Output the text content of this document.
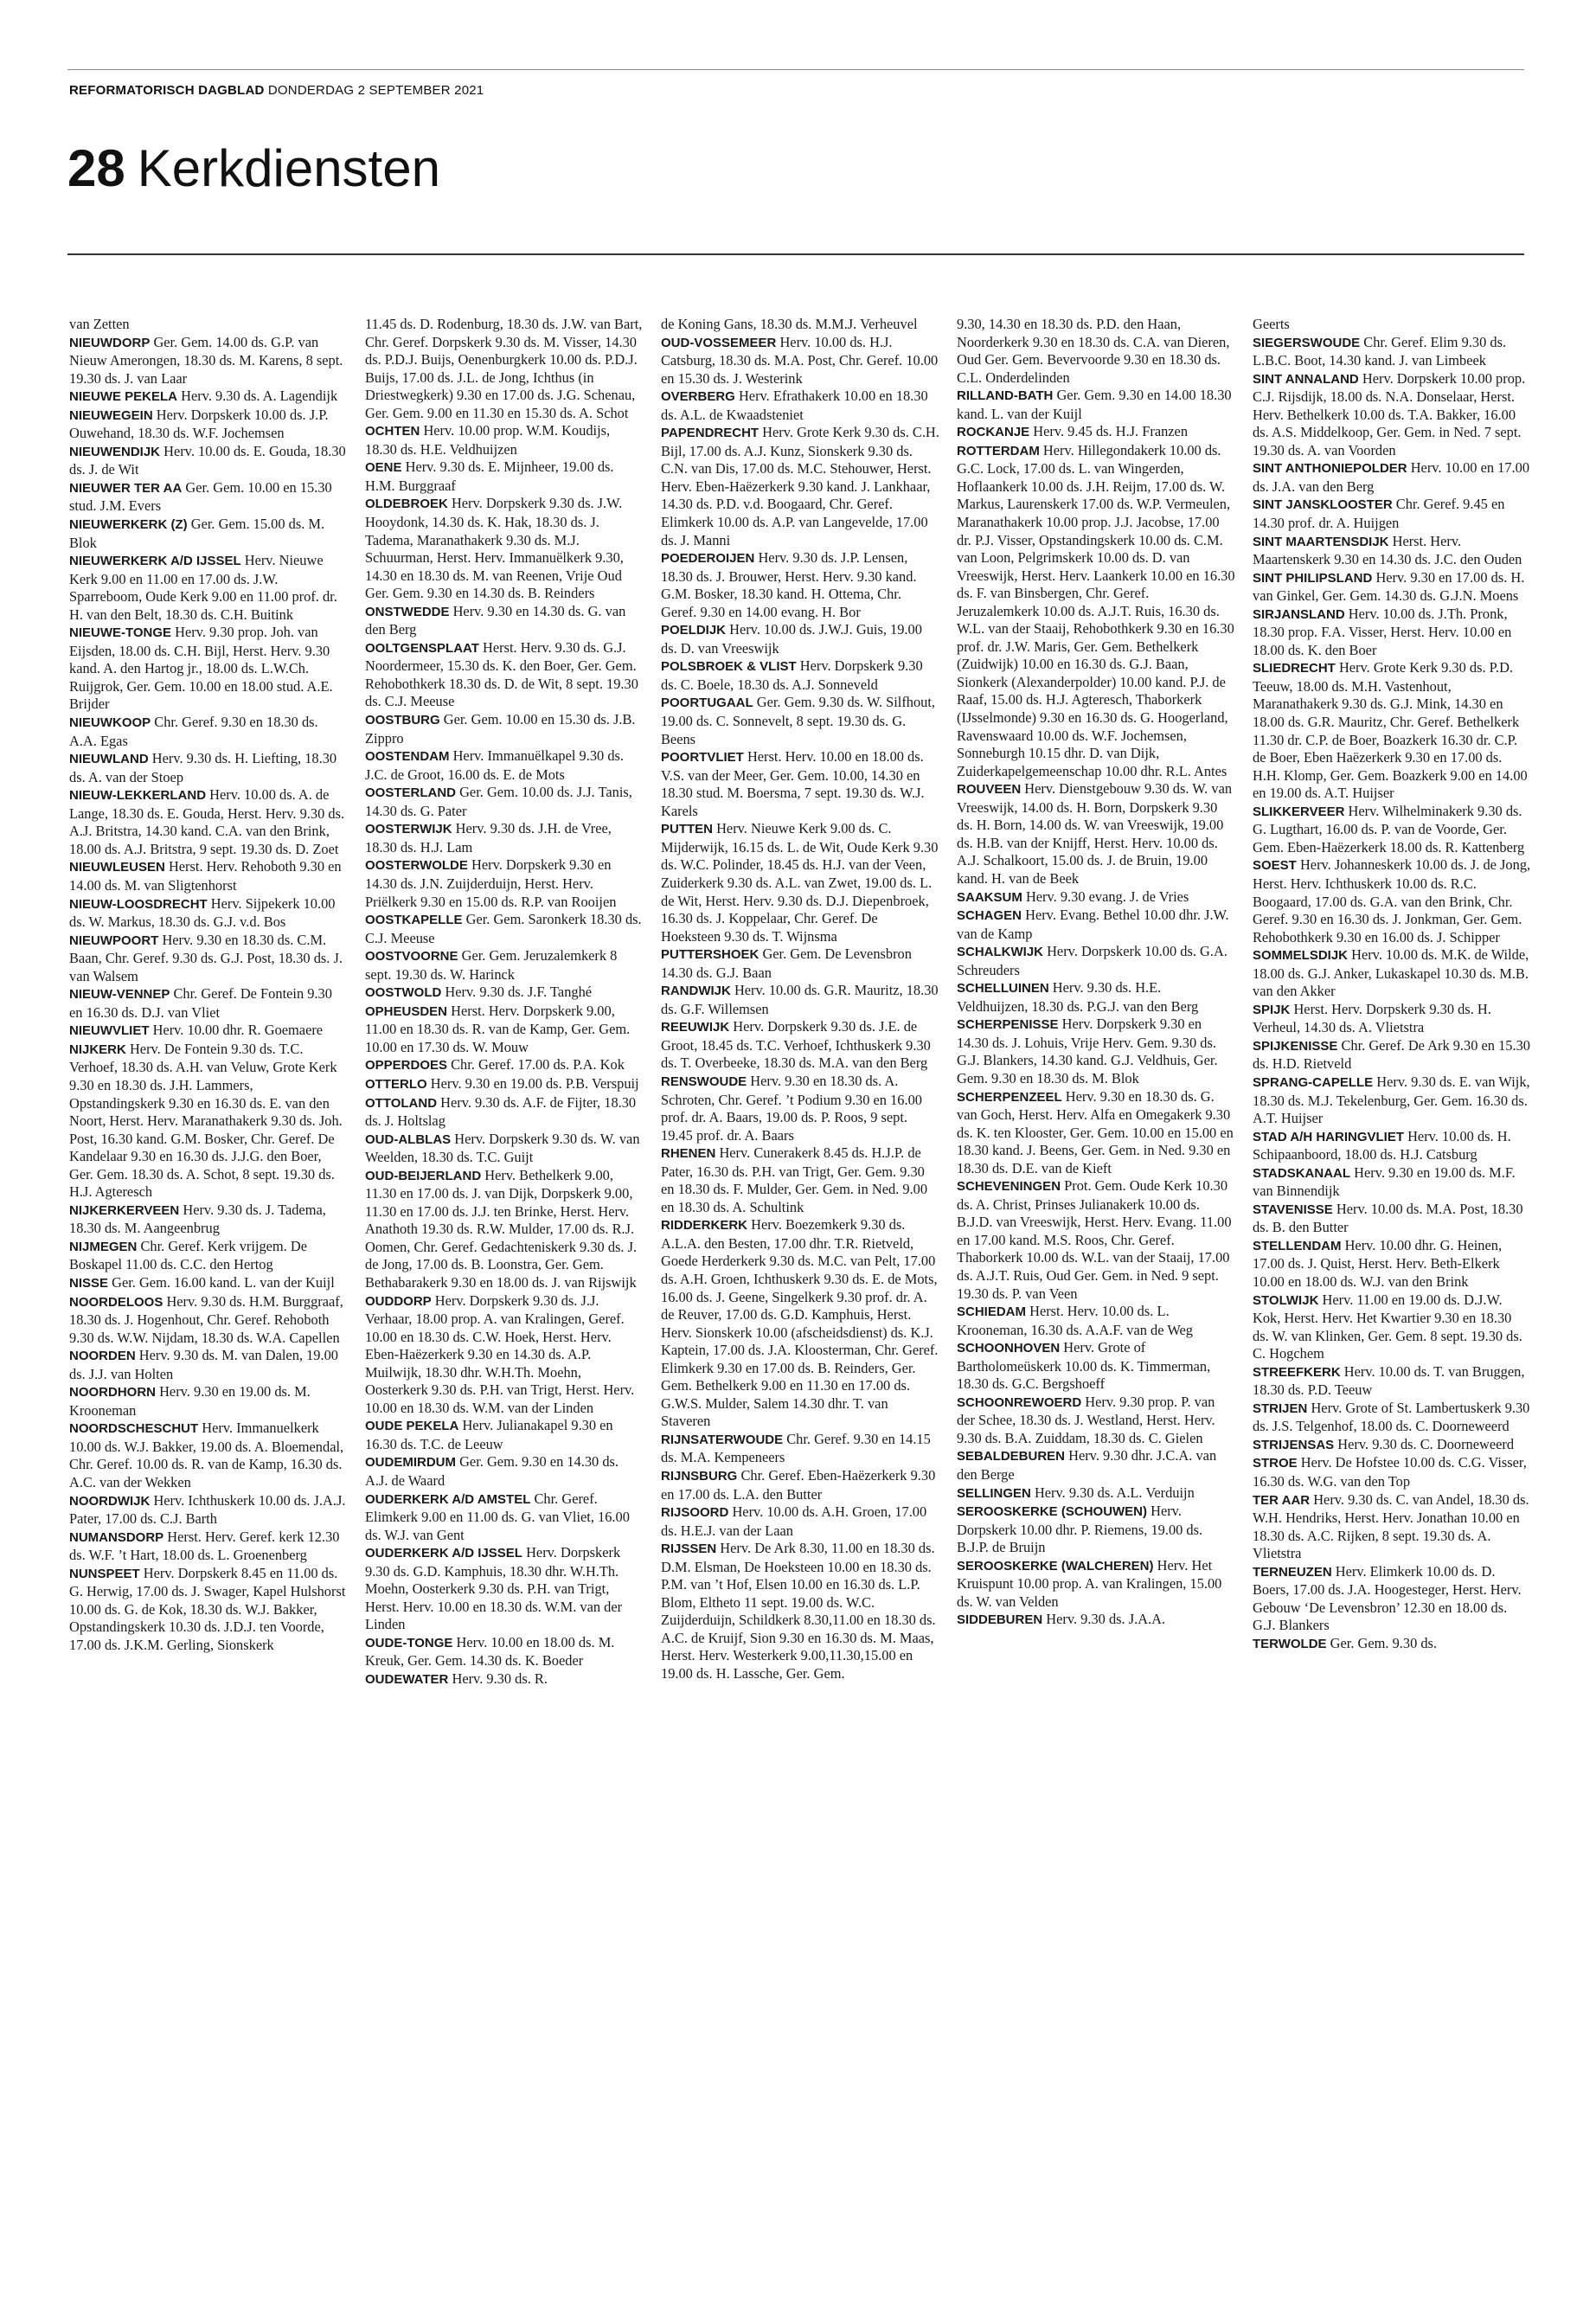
REFORMATORISCH DAGBLAD DONDERDAG 2 SEPTEMBER 2021
28 Kerkdiensten

van Zetten

NIEUWDORP Ger. Gem. 14.00 ds. G.P. van Nieuw Amerongen, 18.30 ds. M. Karens, 8 sept. 19.30 ds. J. van Laar

NIEUWE PEKELA Herv. 9.30 ds. A. Lagendijk

NIEUWEGEIN Herv. Dorpskerk 10.00 ds. J.P. Ouwehand, 18.30 ds. W.F. Jochemsen

NIEUWENDIJK Herv. 10.00 ds. E. Gouda, 18.30 ds. J. de Wit

NIEUWER TER AA Ger. Gem. 10.00 en 15.30 stud. J.M. Evers

NIEUWERKERK (Z) Ger. Gem. 15.00 ds. M. Blok

NIEUWERKERK A/D IJSSEL Herv. Nieuwe Kerk 9.00 en 11.00 en 17.00 ds. J.W. Sparreboom, Oude Kerk 9.00 en 11.00 prof. dr. H. van den Belt, 18.30 ds. C.H. Buitink

NIEUWE-TONGE Herv. 9.30 prop. Joh. van Eijsden, 18.00 ds. C.H. Bijl, Herst. Herv. 9.30 kand. A. den Hartog jr., 18.00 ds. L.W.Ch. Ruijgrok, Ger. Gem. 10.00 en 18.00 stud. A.E. Brijder

NIEUWKOOP Chr. Geref. 9.30 en 18.30 ds. A.A. Egas

NIEUWLAND Herv. 9.30 ds. H. Liefting, 18.30 ds. A. van der Stoep

NIEUW-LEKKERLAND Herv. 10.00 ds. A. de Lange, 18.30 ds. E. Gouda, Herst. Herv. 9.30 ds. A.J. Britstra, 14.30 kand. C.A. van den Brink, 18.00 ds. A.J. Britstra, 9 sept. 19.30 ds. D. Zoet

NIEUWLEUSEN Herst. Herv. Rehoboth 9.30 en 14.00 ds. M. van Sligtenhorst

NIEUW-LOOSDRECHT Herv. Sijpekerk 10.00 ds. W. Markus, 18.30 ds. G.J. v.d. Bos

NIEUWPOORT Herv. 9.30 en 18.30 ds. C.M. Baan, Chr. Geref. 9.30 ds. G.J. Post, 18.30 ds. J. van Walsem

NIEUW-VENNEP Chr. Geref. De Fontein 9.30 en 16.30 ds. D.J. van Vliet

NIEUWVLIET Herv. 10.00 dhr. R. Goemaere

NIJKERK Herv. De Fontein 9.30 ds. T.C. Verhoef, 18.30 ds. A.H. van Veluw, Grote Kerk 9.30 en 18.30 ds. J.H. Lammers, Opstandingskerk 9.30 en 16.30 ds. E. van den Noort, Herst. Herv. Maranathakerk 9.30 ds. Joh. Post, 16.30 kand. G.M. Bosker, Chr. Geref. De Kandelaar 9.30 en 16.30 ds. J.J.G. den Boer, Ger. Gem. 18.30 ds. A. Schot, 8 sept. 19.30 ds. H.J. Agteresch

NIJKERKERVEEN Herv. 9.30 ds. J. Tadema, 18.30 ds. M. Aangeenbrug

NIJMEGEN Chr. Geref. Kerk vrijgem. De Boskapel 11.00 ds. C.C. den Hertog

NISSE Ger. Gem. 16.00 kand. L. van der Kuijl

NOORDELOOS Herv. 9.30 ds. H.M. Burggraaf, 18.30 ds. J. Hogenhout, Chr. Geref. Rehoboth 9.30 ds. W.W. Nijdam, 18.30 ds. W.A. Capellen

NOORDEN Herv. 9.30 ds. M. van Dalen, 19.00 ds. J.J. van Holten

NOORDHORN Herv. 9.30 en 19.00 ds. M. Krooneman

NOORDSCHESCHUT Herv. Immanuelkerk 10.00 ds. W.J. Bakker, 19.00 ds. A. Bloemendal, Chr. Geref. 10.00 ds. R. van de Kamp, 16.30 ds. A.C. van der Wekken

NOORDWIJK Herv. Ichthuskerk 10.00 ds. J.A.J. Pater, 17.00 ds. C.J. Barth

NUMANSDORP Herst. Herv. Geref. kerk 12.30 ds. W.F. ’t Hart, 18.00 ds. L. Groenenberg

NUNSPEET Herv. Dorpskerk 8.45 en 11.00 ds. G. Herwig, 17.00 ds. J. Swager, Kapel Hulshorst 10.00 ds. G. de Kok, 18.30 ds. W.J. Bakker, Opstandingskerk 10.30 ds. J.D.J. ten Voorde, 17.00 ds. J.K.M. Gerling, Sionskerk

11.45 ds. D. Rodenburg, 18.30 ds. J.W. van Bart, Chr. Geref. Dorpskerk 9.30 ds. M. Visser, 14.30 ds. P.D.J. Buijs, Oenenburgkerk 10.00 ds. P.D.J. Buijs, 17.00 ds. J.L. de Jong, Ichthus (in Driestwegkerk) 9.30 en 17.00 ds. J.G. Schenau, Ger. Gem. 9.00 en 11.30 en 15.30 ds. A. Schot

OCHTEN Herv. 10.00 prop. W.M. Koudijs, 18.30 ds. H.E. Veldhuijzen

OENE Herv. 9.30 ds. E. Mijnheer, 19.00 ds. H.M. Burggraaf

OLDEBROEK Herv. Dorpskerk 9.30 ds. J.W. Hooydonk, 14.30 ds. K. Hak, 18.30 ds. J. Tadema, Maranathakerk 9.30 ds. M.J. Schuurman, Herst. Herv. Immanuëlkerk 9.30, 14.30 en 18.30 ds. M. van Reenen, Vrije Oud Ger. Gem. 9.30 en 14.30 ds. B. Reinders

ONSTWEDDE Herv. 9.30 en 14.30 ds. G. van den Berg

OOLTGENSPLAAT Herst. Herv. 9.30 ds. G.J. Noordermeer, 15.30 ds. K. den Boer, Ger. Gem. Rehobothkerk 18.30 ds. D. de Wit, 8 sept. 19.30 ds. C.J. Meeuse

OOSTBURG Ger. Gem. 10.00 en 15.30 ds. J.B. Zippro

OOSTENDAM Herv. Immanuëlkapel 9.30 ds. J.C. de Groot, 16.00 ds. E. de Mots

OOSTERLAND Ger. Gem. 10.00 ds. J.J. Tanis, 14.30 ds. G. Pater

OOSTERWIJK Herv. 9.30 ds. J.H. de Vree, 18.30 ds. H.J. Lam

OOSTERWOLDE Herv. Dorpskerk 9.30 en 14.30 ds. J.N. Zuijderduijn, Herst. Herv. Priëlkerk 9.30 en 15.00 ds. R.P. van Rooijen

OOSTKAPELLE Ger. Gem. Saronkerk 18.30 ds. C.J. Meeuse

OOSTVOORNE Ger. Gem. Jeruzalemkerk 8 sept. 19.30 ds. W. Harinck

OOSTWOLD Herv. 9.30 ds. J.F. Tanghé

OPHEUSDEN Herst. Herv. Dorpskerk 9.00, 11.00 en 18.30 ds. R. van de Kamp, Ger. Gem. 10.00 en 17.30 ds. W. Mouw

OPPERDOES Chr. Geref. 17.00 ds. P.A. Kok

OTTERLO Herv. 9.30 en 19.00 ds. P.B. Verspuij

OTTOLAND Herv. 9.30 ds. A.F. de Fijter, 18.30 ds. J. Holtslag

OUD-ALBLAS Herv. Dorpskerk 9.30 ds. W. van Weelden, 18.30 ds. T.C. Guijt

OUD-BEIJERLAND Herv. Bethelkerk 9.00, 11.30 en 17.00 ds. J. van Dijk, Dorpskerk 9.00, 11.30 en 17.00 ds. J.J. ten Brinke, Herst. Herv. Anathoth 19.30 ds. R.W. Mulder, 17.00 ds. R.J. Oomen, Chr. Geref. Gedachteniskerk 9.30 ds. J. de Jong, 17.00 ds. B. Loonstra, Ger. Gem. Bethabarakerk 9.30 en 18.00 ds. J. van Rijswijk

OUDDORP Herv. Dorpskerk 9.30 ds. J.J. Verhaar, 18.00 prop. A. van Kralingen, Geref. 10.00 en 18.30 ds. C.W. Hoek, Herst. Herv. Eben-Haëzerkerk 9.30 en 14.30 ds. A.P. Muilwijk, 18.30 dhr. W.H.Th. Moehn, Oosterkerk 9.30 ds. P.H. van Trigt, Herst. Herv. 10.00 en 18.30 ds. W.M. van der Linden

OUDE PEKELA Herv. Julianakapel 9.30 en 16.30 ds. T.C. de Leeuw

OUDEMIRDUM Ger. Gem. 9.30 en 14.30 ds. A.J. de Waard

OUDERKERK A/D AMSTEL Chr. Geref. Elimkerk 9.00 en 11.00 ds. G. van Vliet, 16.00 ds. W.J. van Gent

OUDERKERK A/D IJSSEL Herv. Dorpskerk 9.30 ds. G.D. Kamphuis, 18.30 dhr. W.H.Th. Moehn, Oosterkerk 9.30 ds. P.H. van Trigt, Herst. Herv. 10.00 en 18.30 ds. W.M. van der Linden

OUDE-TONGE Herv. 10.00 en 18.00 ds. M. Kreuk, Ger. Gem. 14.30 ds. K. Boeder

OUDEWATER Herv. 9.30 ds. R.

de Koning Gans, 18.30 ds. M.M.J. Verheuvel

OUD-VOSSEMEER Herv. 10.00 ds. H.J. Catsburg, 18.30 ds. M.A. Post, Chr. Geref. 10.00 en 15.30 ds. J. Westerink

OVERBERG Herv. Efrathakerk 10.00 en 18.30 ds. A.L. de Kwaadsteniet

PAPENDRECHT Herv. Grote Kerk 9.30 ds. C.H. Bijl, 17.00 ds. A.J. Kunz, Sionskerk 9.30 ds. C.N. van Dis, 17.00 ds. M.C. Stehouwer, Herst. Herv. Eben-Haëzerkerk 9.30 kand. J. Lankhaar, 14.30 ds. P.D. v.d. Boogaard, Chr. Geref. Elimkerk 10.00 ds. A.P. van Langevelde, 17.00 ds. J. Manni

POEDEROIJEN Herv. 9.30 ds. J.P. Lensen, 18.30 ds. J. Brouwer, Herst. Herv. 9.30 kand. G.M. Bosker, 18.30 kand. H. Ottema, Chr. Geref. 9.30 en 14.00 evang. H. Bor

POELDIJK Herv. 10.00 ds. J.W.J. Guis, 19.00 ds. D. van Vreeswijk

POLSBROEK & VLIST Herv. Dorpskerk 9.30 ds. C. Boele, 18.30 ds. A.J. Sonneveld

POORTUGAAL Ger. Gem. 9.30 ds. W. Silfhout, 19.00 ds. C. Sonnevelt, 8 sept. 19.30 ds. G. Beens

POORTVLIET Herst. Herv. 10.00 en 18.00 ds. V.S. van der Meer, Ger. Gem. 10.00, 14.30 en 18.30 stud. M. Boersma, 7 sept. 19.30 ds. W.J. Karels

PUTTEN Herv. Nieuwe Kerk 9.00 ds. C. Mijderwijk, 16.15 ds. L. de Wit, Oude Kerk 9.30 ds. W.C. Polinder, 18.45 ds. H.J. van der Veen, Zuiderkerk 9.30 ds. A.L. van Zwet, 19.00 ds. L. de Wit, Herst. Herv. 9.30 ds. D.J. Diepenbroek, 16.30 ds. J. Koppelaar, Chr. Geref. De Hoeksteen 9.30 ds. T. Wijnsma

PUTTERSHOEK Ger. Gem. De Levensbron 14.30 ds. G.J. Baan

RANDWIJK Herv. 10.00 ds. G.R. Mauritz, 18.30 ds. G.F. Willemsen

REEUWIJK Herv. Dorpskerk 9.30 ds. J.E. de Groot, 18.45 ds. T.C. Verhoef, Ichthuskerk 9.30 ds. T. Overbeeke, 18.30 ds. M.A. van den Berg

RENSWOUDE Herv. 9.30 en 18.30 ds. A. Schroten, Chr. Geref. ’t Podium 9.30 en 16.00 prof. dr. A. Baars, 19.00 ds. P. Roos, 9 sept. 19.45 prof. dr. A. Baars

RHENEN Herv. Cunerakerk 8.45 ds. H.J.P. de Pater, 16.30 ds. P.H. van Trigt, Ger. Gem. 9.30 en 18.30 ds. F. Mulder, Ger. Gem. in Ned. 9.00 en 18.30 ds. A. Schultink

RIDDERKERK Herv. Boezemkerk 9.30 ds. A.L.A. den Besten, 17.00 dhr. T.R. Rietveld, Goede Herderkerk 9.30 ds. M.C. van Pelt, 17.00 ds. A.H. Groen, Ichthuskerk 9.30 ds. E. de Mots, 16.00 ds. J. Geene, Singelkerk 9.30 prof. dr. A. de Reuver, 17.00 ds. G.D. Kamphuis, Herst. Herv. Sionskerk 10.00 (afscheidsdienst) ds. K.J. Kaptein, 17.00 ds. J.A. Kloosterman, Chr. Geref. Elimkerk 9.30 en 17.00 ds. B. Reinders, Ger. Gem. Bethelkerk 9.00 en 11.30 en 17.00 ds. G.W.S. Mulder, Salem 14.30 dhr. T. van Staveren

RIJNSATERWOUDE Chr. Geref. 9.30 en 14.15 ds. M.A. Kempeneers

RIJNSBURG Chr. Geref. Eben-Haëzerkerk 9.30 en 17.00 ds. L.A. den Butter

RIJSOORD Herv. 10.00 ds. A.H. Groen, 17.00 ds. H.E.J. van der Laan

RIJSSEN Herv. De Ark 8.30, 11.00 en 18.30 ds. D.M. Elsman, De Hoeksteen 10.00 en 18.30 ds. P.M. van ’t Hof, Elsen 10.00 en 16.30 ds. L.P. Blom, Eltheto 11 sept. 19.00 ds. W.C. Zuijderduijn, Schildkerk 8.30,11.00 en 18.30 ds. A.C. de Kruijf, Sion 9.30 en 16.30 ds. M. Maas, Herst. Herv. Westerkerk 9.00,11.30,15.00 en 19.00 ds. H. Lassche, Ger. Gem.

9.30, 14.30 en 18.30 ds. P.D. den Haan, Noorderkerk 9.30 en 18.30 ds. C.A. van Dieren, Oud Ger. Gem. Bevervoorde 9.30 en 18.30 ds. C.L. Onderdelinden

RILLAND-BATH Ger. Gem. 9.30 en 14.00 18.30 kand. L. van der Kuijl

ROCKANJE Herv. 9.45 ds. H.J. Franzen

ROTTERDAM Herv. Hillegondakerk 10.00 ds. G.C. Lock, 17.00 ds. L. van Wingerden, Hoflaankerk 10.00 ds. J.H. Reijm, 17.00 ds. W. Markus, Laurenskerk 17.00 ds. W.P. Vermeulen, Maranathakerk 10.00 prop. J.J. Jacobse, 17.00 dr. P.J. Visser, Opstandingskerk 10.00 ds. C.M. van Loon, Pelgrimskerk 10.00 ds. D. van Vreeswijk, Herst. Herv. Laankerk 10.00 en 16.30 ds. F. van Binsbergen, Chr. Geref. Jeruzalemkerk 10.00 ds. A.J.T. Ruis, 16.30 ds. W.L. van der Staaij, Rehobothkerk 9.30 en 16.30 prof. dr. J.W. Maris, Ger. Gem. Bethelkerk (Zuidwijk) 10.00 en 16.30 ds. G.J. Baan, Sionkerk (Alexanderpolder) 10.00 kand. P.J. de Raaf, 15.00 ds. H.J. Agteresch, Thaborkerk (IJsselmonde) 9.30 en 16.30 ds. G. Hoogerland, Ravenswaard 10.00 ds. W.F. Jochemsen, Sonneburgh 10.15 dhr. D. van Dijk, Zuiderkapelgemeenschap 10.00 dhr. R.L. Antes

ROUVEEN Herv. Dienstgebouw 9.30 ds. W. van Vreeswijk, 14.00 ds. H. Born, Dorpskerk 9.30 ds. H. Born, 14.00 ds. W. van Vreeswijk, 19.00 ds. H.B. van der Knijff, Herst. Herv. 10.00 ds. A.J. Schalkoort, 15.00 ds. J. de Bruin, 19.00 kand. H. van de Beek

SAAKSUM Herv. 9.30 evang. J. de Vries

SCHAGEN Herv. Evang. Bethel 10.00 dhr. J.W. van de Kamp

SCHALKWIJK Herv. Dorpskerk 10.00 ds. G.A. Schreuders

SCHELLUINEN Herv. 9.30 ds. H.E. Veldhuijzen, 18.30 ds. P.G.J. van den Berg

SCHERPENISSE Herv. Dorpskerk 9.30 en 14.30 ds. J. Lohuis, Vrije Herv. Gem. 9.30 ds. G.J. Blankers, 14.30 kand. G.J. Veldhuis, Ger. Gem. 9.30 en 18.30 ds. M. Blok

SCHERPENZEEL Herv. 9.30 en 18.30 ds. G. van Goch, Herst. Herv. Alfa en Omegakerk 9.30 ds. K. ten Klooster, Ger. Gem. 10.00 en 15.00 en 18.30 kand. J. Beens, Ger. Gem. in Ned. 9.30 en 18.30 ds. D.E. van de Kieft

SCHEVENINGEN Prot. Gem. Oude Kerk 10.30 ds. A. Christ, Prinses Julianakerk 10.00 ds. B.J.D. van Vreeswijk, Herst. Herv. Evang. 11.00 en 17.00 kand. M.S. Roos, Chr. Geref. Thaborkerk 10.00 ds. W.L. van der Staaij, 17.00 ds. A.J.T. Ruis, Oud Ger. Gem. in Ned. 9 sept. 19.30 ds. P. van Veen

SCHIEDAM Herst. Herv. 10.00 ds. L. Krooneman, 16.30 ds. A.A.F. van de Weg

SCHOONHOVEN Herv. Grote of Bartholomeüskerk 10.00 ds. K. Timmerman, 18.30 ds. G.C. Bergshoeff

SCHOONREWOERD Herv. 9.30 prop. P. van der Schee, 18.30 ds. J. Westland, Herst. Herv. 9.30 ds. B.A. Zuiddam, 18.30 ds. C. Gielen

SEBALDEBUREN Herv. 9.30 dhr. J.C.A. van den Berge

SELLINGEN Herv. 9.30 ds. A.L. Verduijn

SEROOSKERKE (SCHOUWEN) Herv. Dorpskerk 10.00 dhr. P. Riemens, 19.00 ds. B.J.P. de Bruijn

SEROOSKERKE (WALCHEREN) Herv. Het Kruispunt 10.00 prop. A. van Kralingen, 15.00 ds. W. van Velden

SIDDEBUREN Herv. 9.30 ds. J.A.A.

Geerts

SIEGERSWOUDE Chr. Geref. Elim 9.30 ds. L.B.C. Boot, 14.30 kand. J. van Limbeek

SINT ANNALAND Herv. Dorpskerk 10.00 prop. C.J. Rijsdijk, 18.00 ds. N.A. Donselaar, Herst. Herv. Bethelkerk 10.00 ds. T.A. Bakker, 16.00 ds. A.S. Middelkoop, Ger. Gem. in Ned. 7 sept. 19.30 ds. A. van Voorden

SINT ANTHONIEPOLDER Herv. 10.00 en 17.00 ds. J.A. van den Berg

SINT JANSKLOOSTER Chr. Geref. 9.45 en 14.30 prof. dr. A. Huijgen

SINT MAARTENSDIJK Herst. Herv. Maartenskerk 9.30 en 14.30 ds. J.C. den Ouden

SINT PHILIPSLAND Herv. 9.30 en 17.00 ds. H. van Ginkel, Ger. Gem. 14.30 ds. G.J.N. Moens

SIRJANSLAND Herv. 10.00 ds. J.Th. Pronk, 18.30 prop. F.A. Visser, Herst. Herv. 10.00 en 18.00 ds. K. den Boer

SLIEDRECHT Herv. Grote Kerk 9.30 ds. P.D. Teeuw, 18.00 ds. M.H. Vastenhout, Maranathakerk 9.30 ds. G.J. Mink, 14.30 en 18.00 ds. G.R. Mauritz, Chr. Geref. Bethelkerk 11.30 dr. C.P. de Boer, Boazkerk 16.30 dr. C.P. de Boer, Eben Haëzerkerk 9.30 en 17.00 ds. H.H. Klomp, Ger. Gem. Boazkerk 9.00 en 14.00 en 19.00 ds. A.T. Huijser

SLIKKERVEER Herv. Wilhelminakerk 9.30 ds. G. Lugthart, 16.00 ds. P. van de Voorde, Ger. Gem. Eben-Haëzerkerk 18.00 ds. R. Kattenberg

SOEST Herv. Johanneskerk 10.00 ds. J. de Jong, Herst. Herv. Ichthuskerk 10.00 ds. R.C. Boogaard, 17.00 ds. G.A. van den Brink, Chr. Geref. 9.30 en 16.30 ds. J. Jonkman, Ger. Gem. Rehobothkerk 9.30 en 16.00 ds. J. Schipper

SOMMELSDIJK Herv. 10.00 ds. M.K. de Wilde, 18.00 ds. G.J. Anker, Lukaskapel 10.30 ds. M.B. van den Akker

SPIJK Herst. Herv. Dorpskerk 9.30 ds. H. Verheul, 14.30 ds. A. Vlietstra

SPIJKENISSE Chr. Geref. De Ark 9.30 en 15.30 ds. H.D. Rietveld

SPRANG-CAPELLE Herv. 9.30 ds. E. van Wijk, 18.30 ds. M.J. Tekelenburg, Ger. Gem. 16.30 ds. A.T. Huijser

STAD A/H HARINGVLIET Herv. 10.00 ds. H. Schipaanboord, 18.00 ds. H.J. Catsburg

STADSKANAAL Herv. 9.30 en 19.00 ds. M.F. van Binnendijk

STAVENISSE Herv. 10.00 ds. M.A. Post, 18.30 ds. B. den Butter

STELLENDAM Herv. 10.00 dhr. G. Heinen, 17.00 ds. J. Quist, Herst. Herv. Beth-Elkerk 10.00 en 18.00 ds. W.J. van den Brink

STOLWIJK Herv. 11.00 en 19.00 ds. D.J.W. Kok, Herst. Herv. Het Kwartier 9.30 en 18.30 ds. W. van Klinken, Ger. Gem. 8 sept. 19.30 ds. C. Hogchem

STREEFKERK Herv. 10.00 ds. T. van Bruggen, 18.30 ds. P.D. Teeuw

STRIJEN Herv. Grote of St. Lambertuskerk 9.30 ds. J.S. Telgenhof, 18.00 ds. C. Doorneweerd

STRIJENSAS Herv. 9.30 ds. C. Doorneweerd

STROE Herv. De Hofstee 10.00 ds. C.G. Visser, 16.30 ds. W.G. van den Top

TER AAR Herv. 9.30 ds. C. van Andel, 18.30 ds. W.H. Hendriks, Herst. Herv. Jonathan 10.00 en 18.30 ds. A.C. Rijken, 8 sept. 19.30 ds. A. Vlietstra

TERNEUZEN Herv. Elimkerk 10.00 ds. D. Boers, 17.00 ds. J.A. Hoogesteger, Herst. Herv. Gebouw ‘De Levensbron’ 12.30 en 18.00 ds. G.J. Blankers

TERWOLDE Ger. Gem. 9.30 ds.
